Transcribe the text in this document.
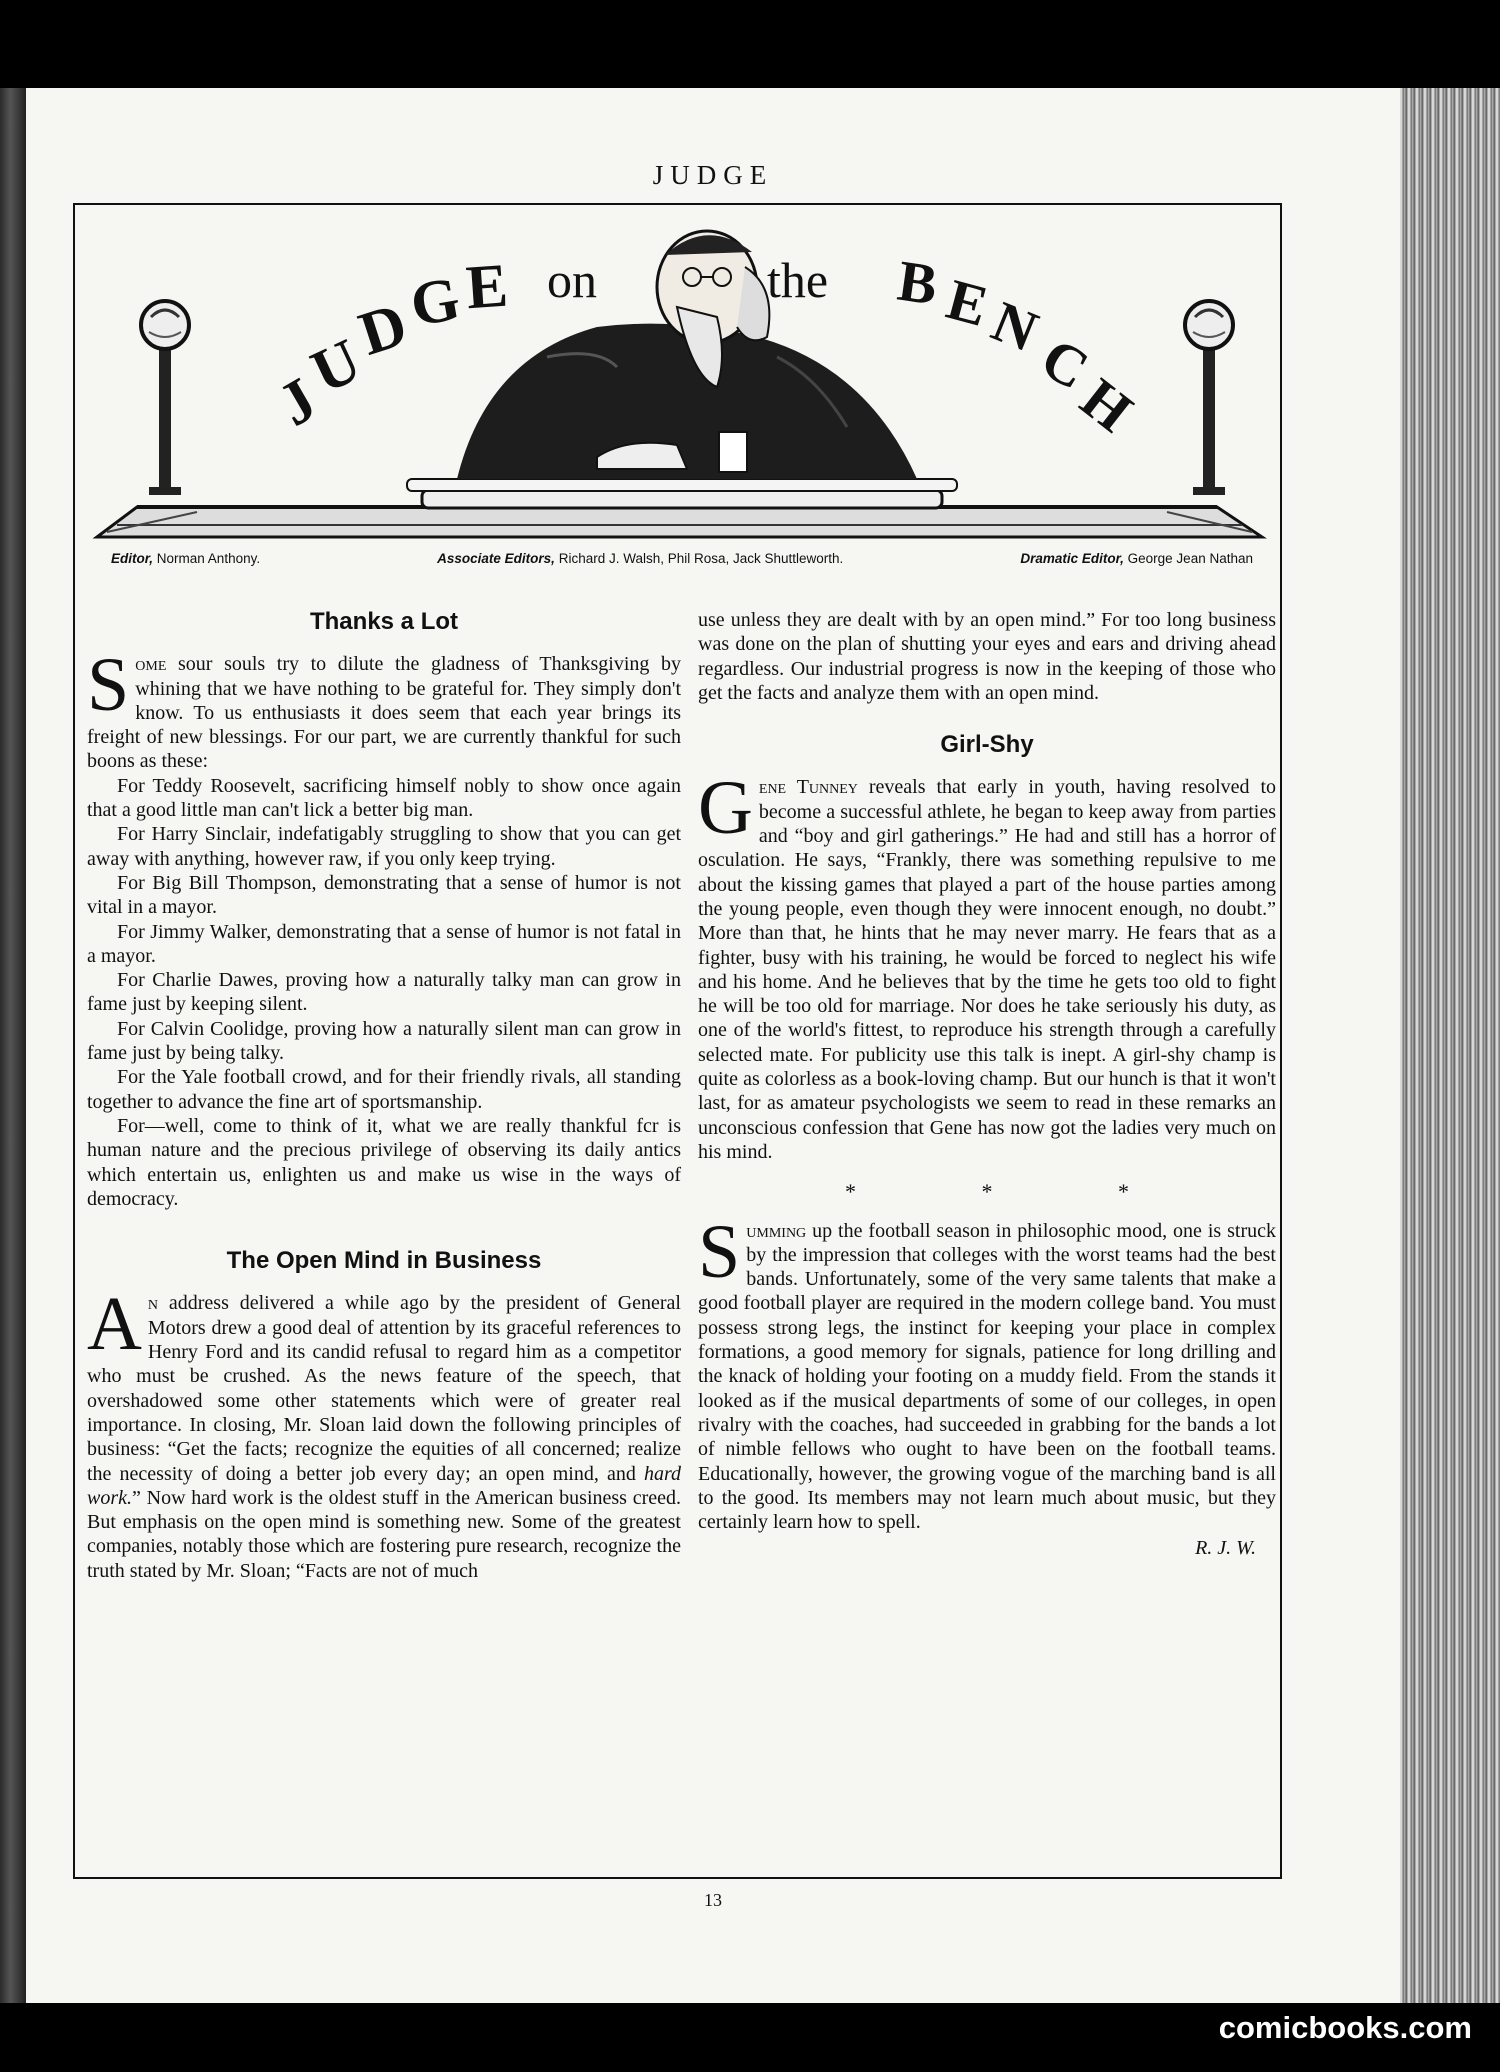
JUDGE
J
U
D
G E on	the B E
N
C
H
Editor, Norman Anthony.	Associate Editors, Richard J. Walsh, Phil Rosa, Jack Shuttleworth.	Dramatic Editor, George Jean Nathan
Thanks a Lot

Some sour souls try to dilute the gladness of Thanksgiving by whining that we have nothing to be grateful for. They simply don't know. To us enthusiasts it does seem that each year brings its freight of new blessings. For our part, we are currently thankful for such boons as these:

For Teddy Roosevelt, sacrificing himself nobly to show once again that a good little man can't lick a better big man.

For Harry Sinclair, indefatigably struggling to show that you can get away with anything, however raw, if you only keep trying.

For Big Bill Thompson, demonstrating that a sense of humor is not vital in a mayor.

For Jimmy Walker, demonstrating that a sense of humor is not fatal in a mayor.

For Charlie Dawes, proving how a naturally talky man can grow in fame just by keeping silent.

For Calvin Coolidge, proving how a naturally silent man can grow in fame just by being talky.

For the Yale football crowd, and for their friendly rivals, all standing together to advance the fine art of sportsmanship.

For—well, come to think of it, what we are really thankful fcr is human nature and the precious privilege of observing its daily antics which entertain us, enlighten us and make us wise in the ways of democracy.

The Open Mind in Business

An address delivered a while ago by the president of General Motors drew a good deal of attention by its graceful references to Henry Ford and its candid refusal to regard him as a competitor who must be crushed. As the news feature of the speech, that overshadowed some other statements which were of greater real importance. In closing, Mr. Sloan laid down the following principles of business: “Get the facts; recognize the equities of all concerned; realize the necessity of doing a better job every day; an open mind, and hard work.” Now hard work is the oldest stuff in the American business creed. But emphasis on the open mind is something new. Some of the greatest companies, notably those which are fostering pure research, recognize the truth stated by Mr. Sloan; “Facts are not of much

use unless they are dealt with by an open mind.” For too long business was done on the plan of shutting your eyes and ears and driving ahead regardless. Our industrial progress is now in the keeping of those who get the facts and analyze them with an open mind.

Girl-Shy

Gene Tunney reveals that early in youth, having resolved to become a successful athlete, he began to keep away from parties and “boy and girl gatherings.” He had and still has a horror of osculation. He says, “Frankly, there was something repulsive to me about the kissing games that played a part of the house parties among the young people, even though they were innocent enough, no doubt.” More than that, he hints that he may never marry. He fears that as a fighter, busy with his training, he would be forced to neglect his wife and his home. And he believes that by the time he gets too old to fight he will be too old for marriage. Nor does he take seriously his duty, as one of the world's fittest, to reproduce his strength through a carefully selected mate. For publicity use this talk is inept. A girl-shy champ is quite as colorless as a book-loving champ. But our hunch is that it won't last, for as amateur psychologists we seem to read in these remarks an unconscious confession that Gene has now got the ladies very much on his mind.

* * *

Summing up the football season in philosophic mood, one is struck by the impression that colleges with the worst teams had the best bands. Unfortunately, some of the very same talents that make a good football player are required in the modern college band. You must possess strong legs, the instinct for keeping your place in complex formations, a good memory for signals, patience for long drilling and the knack of holding your footing on a muddy field. From the stands it looked as if the musical departments of some of our colleges, in open rivalry with the coaches, had succeeded in grabbing for the bands a lot of nimble fellows who ought to have been on the football teams. Educationally, however, the growing vogue of the marching band is all to the good. Its members may not learn much about music, but they certainly learn how to spell.

R. J. W.
13
comicbooks.com
